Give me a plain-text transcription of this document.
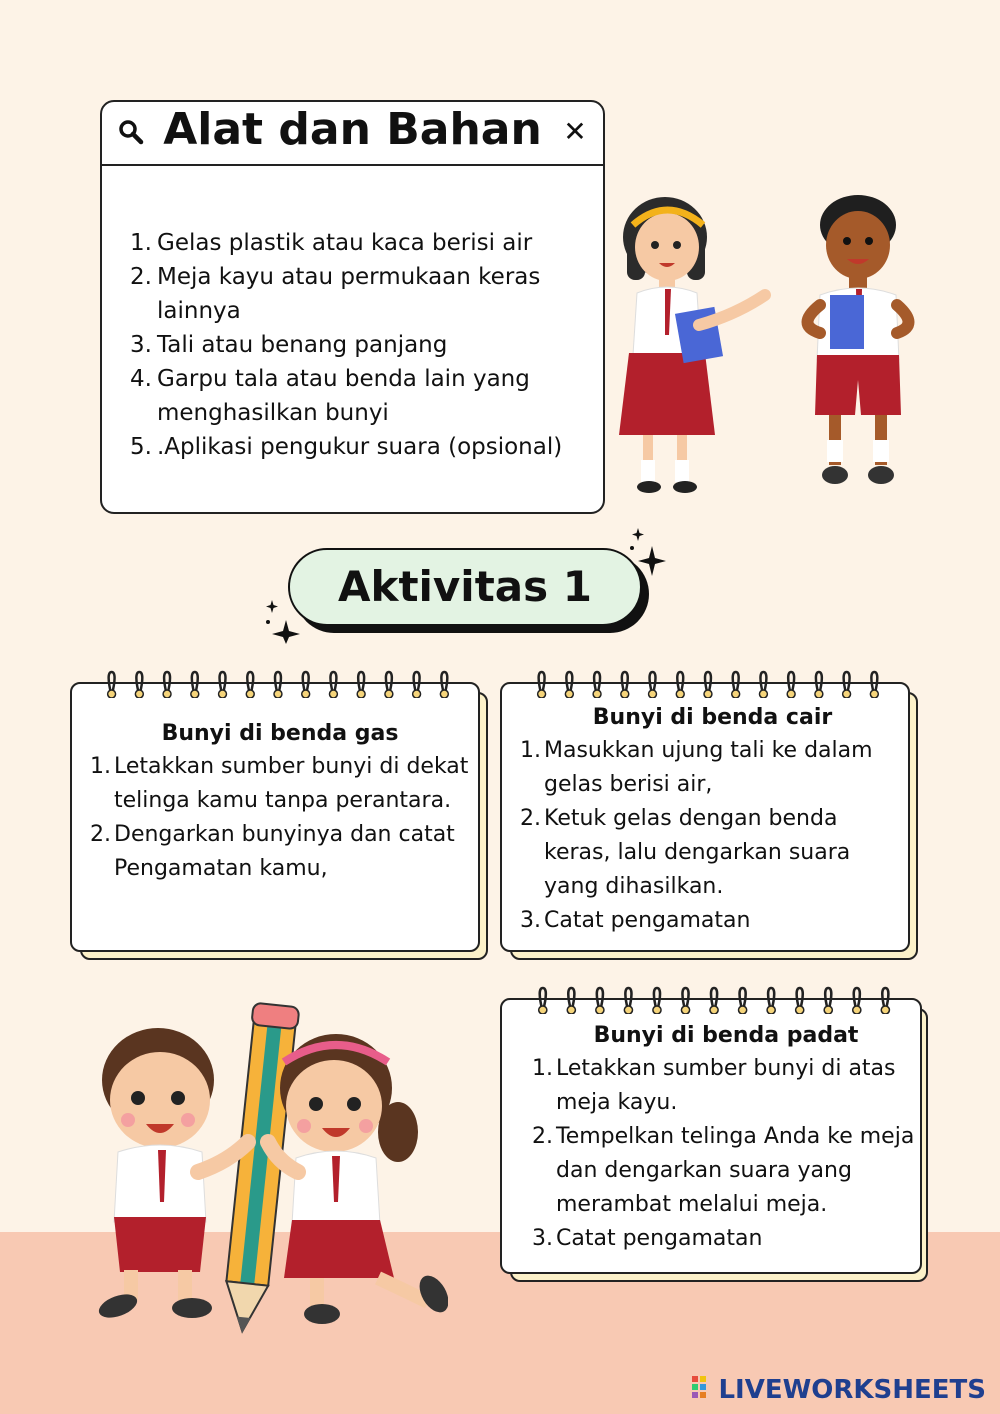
Alat dan Bahan ✕
1. Gelas plastik atau kaca berisi air
2. Meja kayu atau permukaan keras lainnya
3. Tali atau benang panjang
4. Garpu tala atau benda lain yang menghasilkan bunyi
5. .Aplikasi pengukur suara (opsional)
Aktivitas 1
Bunyi di benda gas
1. Letakkan sumber bunyi di dekat telinga kamu tanpa perantara.
2. Dengarkan bunyinya dan catat Pengamatan kamu,
Bunyi di benda cair
1. Masukkan ujung tali ke dalam gelas berisi air,
2. Ketuk gelas dengan benda keras, lalu dengarkan suara yang dihasilkan.
3. Catat pengamatan
Bunyi di benda padat
1. Letakkan sumber bunyi di atas meja kayu.
2. Tempelkan telinga Anda ke meja dan dengarkan suara yang merambat melalui meja.
3. Catat pengamatan
LIVEWORKSHEETS
